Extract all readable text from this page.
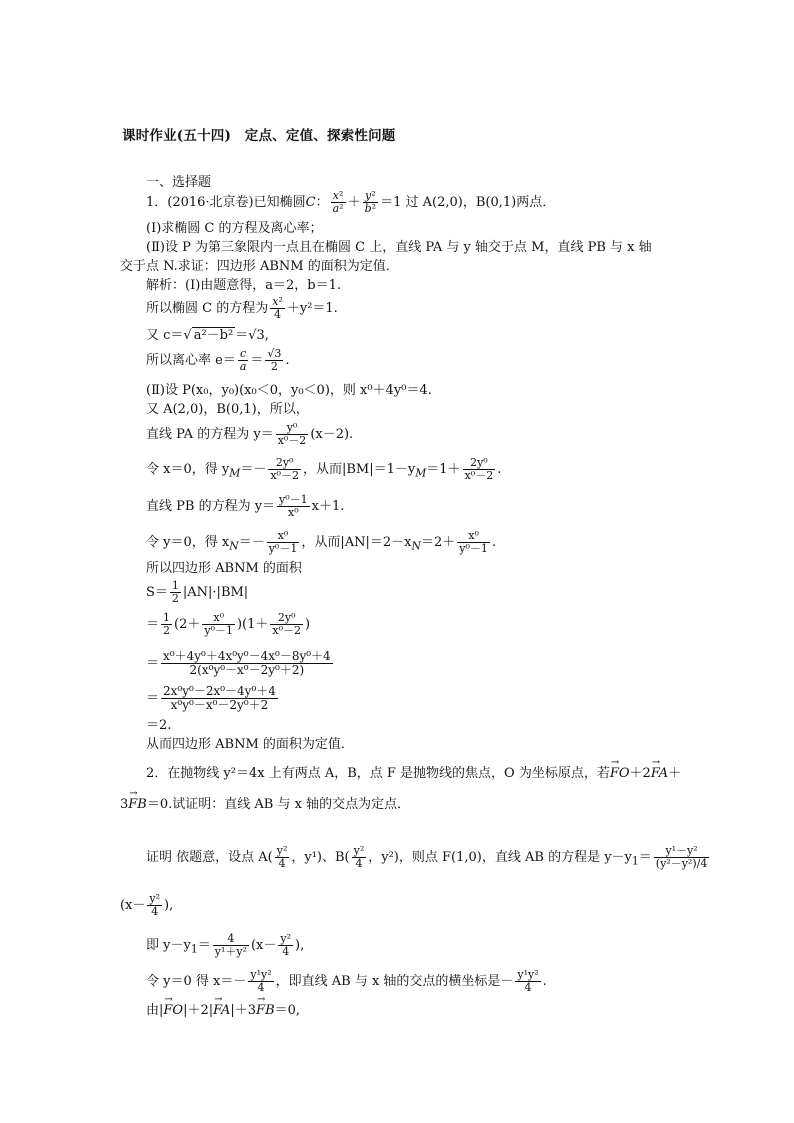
课时作业(五十四)　定点、定值、探索性问题
一、选择题
1．(2016·北京卷)已知椭圆C： $\frac{\text{x²}}{\text{a²}} + \frac{\text{y²}}{\text{b²}} =1$ 过 A(2,0)，B(0,1)两点．
(Ⅰ)求椭圆 C 的方程及离心率；
(Ⅱ)设 P 为第三象限内一点且在椭圆 C 上，直线 PA 与 y 轴交于点 M，直线 PB 与 x 轴
交于点 N.求证：四边形 ABNM 的面积为定值．
解析：(Ⅰ)由题意得，a＝2，b＝1.
所以椭圆 C 的方程为 $\frac{\text{x²}}{4} +y^2=1$.
又 c＝√ a²－b² ＝√3,
所以离心率 $e= \frac{c}{a} = \frac{√3}{2}$ .
(Ⅱ)设 P(x₀，y₀)(x₀＜0，y₀＜0)，则 x⁰＋4y⁰＝4.
又 A(2,0)，B(0,1)，所以，
直线 PA 的方程为 $y= \frac{\text{y⁰}}{\text{x⁰－2}} (x-2)$.
令 x＝0，得 $y_M=- \frac{\text{2y⁰}}{\text{x⁰－2}}$ ，从而$|BM|=1-y_M=1+ \frac{\text{2y⁰}}{\text{x⁰－2}}$ .
直线 PB 的方程为 $y= \frac{\text{y⁰－1}}{\text{x⁰}} x+1$.
令 y＝0，得 $x_N=- \frac{\text{x⁰}}{\text{y⁰－1}}$ ，从而$|AN|=2-x_N=2+ \frac{\text{x⁰}}{\text{y⁰－1}}$ .
所以四边形 ABNM 的面积
$S= \frac{1}{2} |AN|\cdot|BM|$
＝ $\frac{1}{2} (2+ \frac{\text{x⁰}}{\text{y⁰－1}} )(1+ \frac{\text{2y⁰}}{\text{x⁰－2}}$ )
＝ $\frac{\text{x⁰＋4y⁰＋4x⁰y⁰－4x⁰－8y⁰＋4}}{\text{2(x⁰y⁰－x⁰－2y⁰＋2)}}$
＝ $\frac{\text{2x⁰y⁰－2x⁰－4y⁰＋4}}{\text{x⁰y⁰－x⁰－2y⁰＋2}}$
＝2.
从而四边形 ABNM 的面积为定值．
2．在抛物线 y²＝4x 上有两点 A，B，点 F 是抛物线的焦点，O 为坐标原点，若→ FO＋2→ FA＋
3→ FB＝0.试证明：直线 AB 与 x 轴的交点为定点．
证明 依题意，设点 $A( \frac{\text{y²}}{4}$ ，y¹)、$B( \frac{\text{y²}}{4}$ ，y²)，则点 F(1,0)，直线 AB 的方程是 $y-y_1= \frac{\text{y¹－y²}}{\text{(y²－y²)/4}}$
($x- \frac{\text{y²}}{4}$ ),
即 $y-y_1= \frac{4}{\text{y¹＋y²}} (x- \frac{\text{y²}}{4}$ ),
令 y＝0 得 $x=- \frac{\text{y¹y²}}{4}$ ，即直线 AB 与 x 轴的交点的横坐标是－ $\frac{\text{y¹y²}}{4}$ .
由|→ FO|＋2|→ FA|＋3→ FB＝0,
